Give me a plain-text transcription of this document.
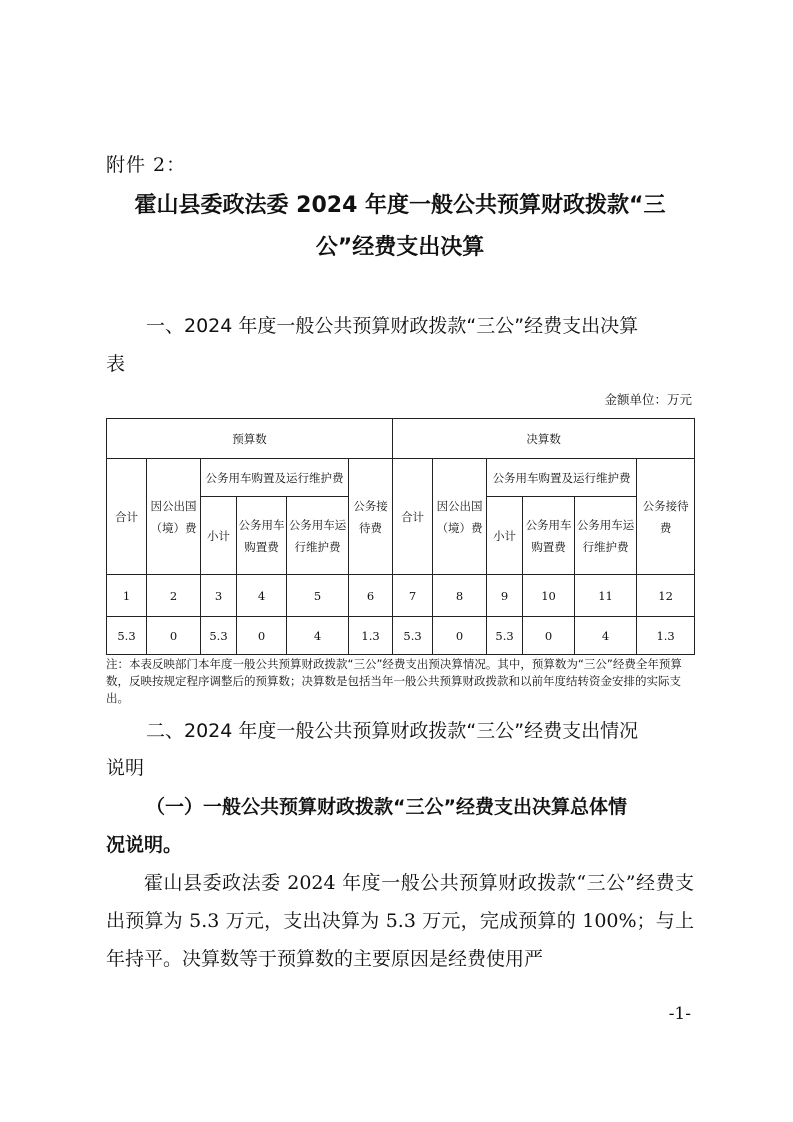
附件 2：
霍山县委政法委 2024 年度一般公共预算财政拨款“三
公”经费支出决算
一、2024 年度一般公共预算财政拨款“三公”经费支出决算
表
金额单位：万元
预算数						决算数					
合计	因公出国（境）费	公务用车购置及运行维护费			公务接待费	合计	因公出国（境）费	公务用车购置及运行维护费			公务接待费
		小计	公务用车购置费	公务用车运行维护费				小计	公务用车购置费	公务用车运行维护费	
1	2	3	4	5	6	7	8	9	10	11	12
5.3	0	5.3	0	4	1.3	5.3	0	5.3	0	4	1.3
注：本表反映部门本年度一般公共预算财政拨款“三公”经费支出预决算情况。其中，预算数为“三公”经费全年预算数，反映按规定程序调整后的预算数；决算数是包括当年一般公共预算财政拨款和以前年度结转资金安排的实际支出。
二、2024 年度一般公共预算财政拨款“三公”经费支出情况
说明
（一）一般公共预算财政拨款“三公”经费支出决算总体情
况说明。
霍山县委政法委 2024 年度一般公共预算财政拨款“三公”经费支出预算为 5.3 万元，支出决算为 5.3 万元，完成预算的 100%；与上年持平。决算数等于预算数的主要原因是经费使用严
-1-
